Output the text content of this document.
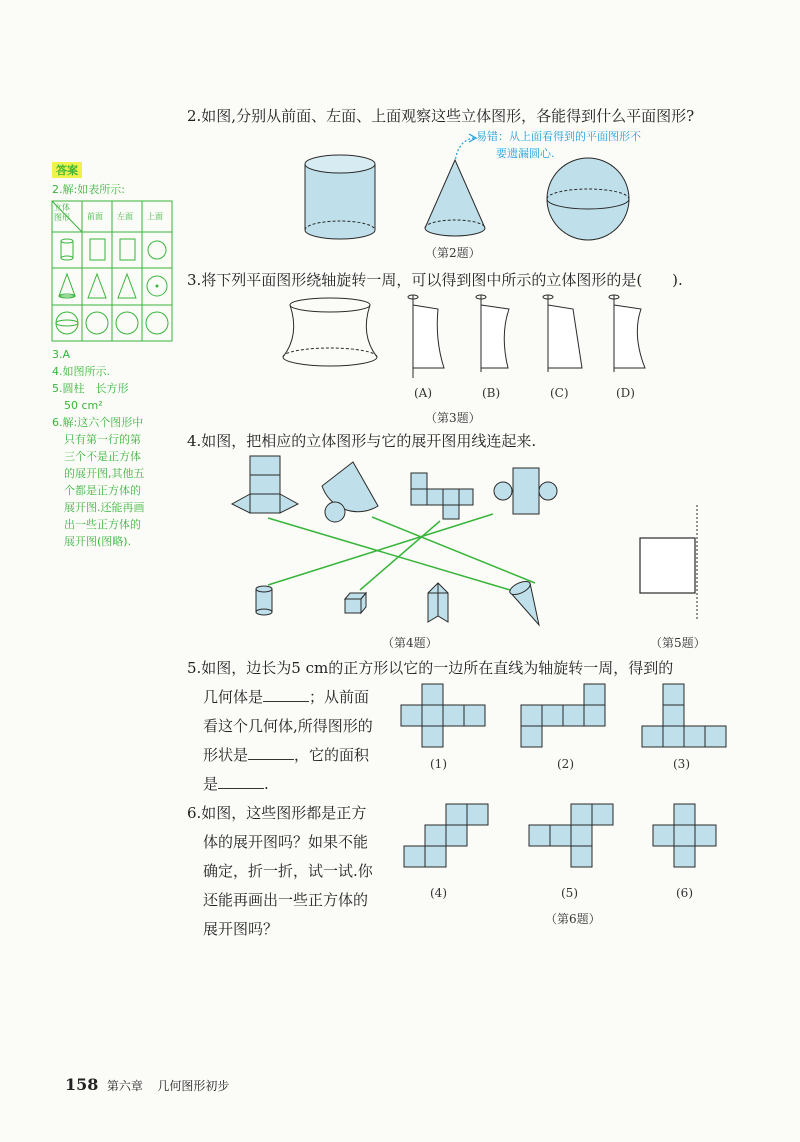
2.如图,分别从前面、左面、上面观察这些立体图形，各能得到什么平面图形?
易错：从上面看得到的平面图形不
要遗漏圆心.
（第2题）
3.将下列平面图形绕轴旋转一周，可以得到图中所示的立体图形的是(　　).
(A)	(B)	(C)	(D)
（第3题）
4.如图，把相应的立体图形与它的展开图用线连起来.
（第4题）	（第5题）
5.如图，边长为5 cm的正方形以它的一边所在直线为轴旋转一周，得到的
几何体是	；从前面
看这个几何体,所得图形的
形状是	，它的面积
是	.
(1)	(2)	(3)
(4)	(5)	(6)
（第6题）
6.如图，这些图形都是正方
体的展开图吗？如果不能
确定，折一折，试一试.你
还能再画出一些正方体的
展开图吗？
答案
2.解:如表所示:
立体图形	前面 左面 上面
3.A
4.如图所示.
5.圆柱　长方形
50 cm²
6.解:这六个图形中
只有第一行的第
三个不是正方体
的展开图,其他五
个都是正方体的
展开图.还能再画
出一些正方体的
展开图(图略).
158 第六章 几何图形初步
